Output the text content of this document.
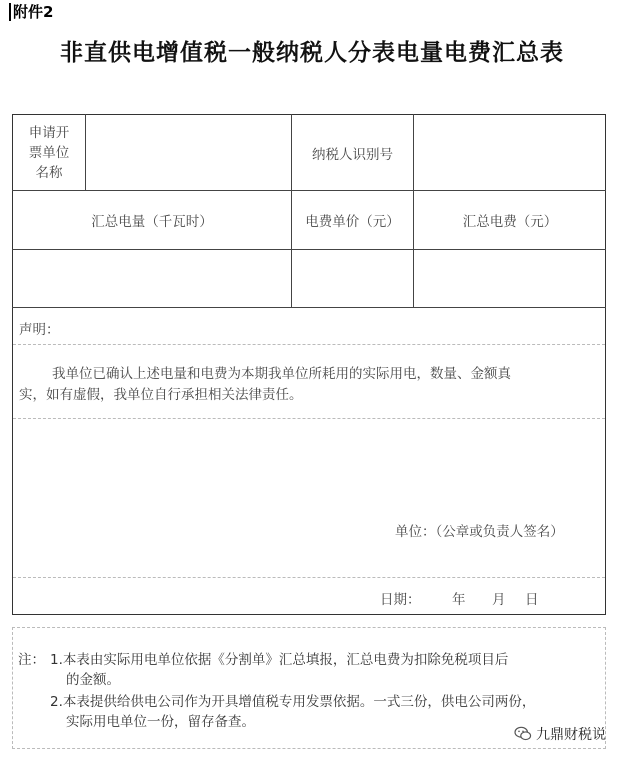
附件2
非直供电增值税一般纳税人分表电量电费汇总表
申请开
票单位
名称
纳税人识别号
汇总电量（千瓦时）	电费单价（元）	汇总电费（元）
声明：
我单位已确认上述电量和电费为本期我单位所耗用的实际用电，数量、金额真
实，如有虚假，我单位自行承担相关法律责任。
单位：（公章或负责人签名）
日期： 年 月 日
注： 1.本表由实际用电单位依据《分割单》汇总填报，汇总电费为扣除免税项目后
的金额。
2.本表提供给供电公司作为开具增值税专用发票依据。一式三份，供电公司两份，
实际用电单位一份，留存备查。
九鼎财税说
